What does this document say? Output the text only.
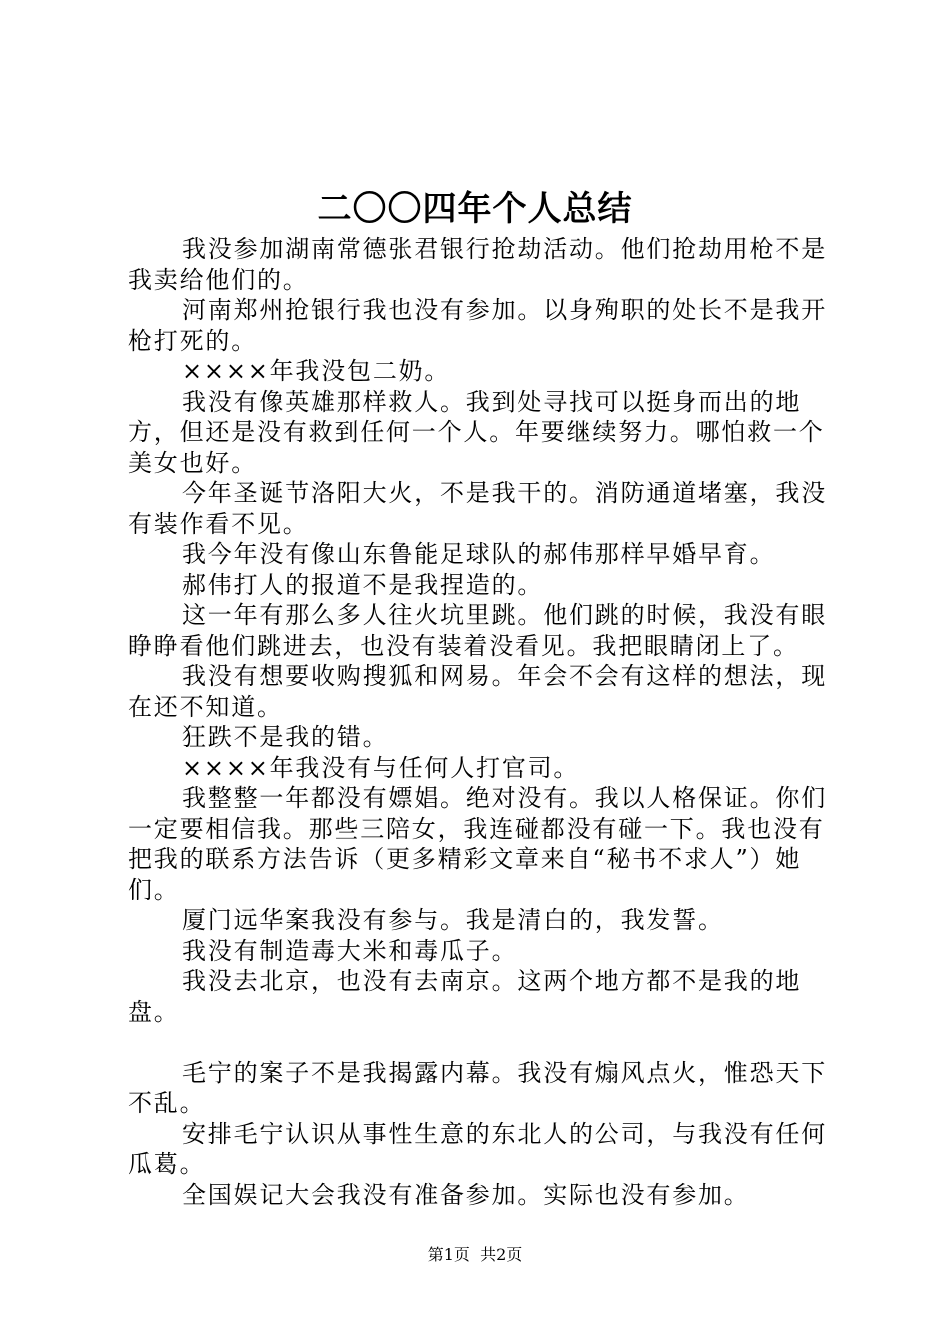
二〇〇四年个人总结

我没参加湖南常德张君银行抢劫活动。他们抢劫用枪不是我卖给他们的。

河南郑州抢银行我也没有参加。以身殉职的处长不是我开枪打死的。

××××年我没包二奶。

我没有像英雄那样救人。我到处寻找可以挺身而出的地方，但还是没有救到任何一个人。年要继续努力。哪怕救一个美女也好。

今年圣诞节洛阳大火，不是我干的。消防通道堵塞，我没有装作看不见。

我今年没有像山东鲁能足球队的郝伟那样早婚早育。

郝伟打人的报道不是我捏造的。

这一年有那么多人往火坑里跳。他们跳的时候，我没有眼睁睁看他们跳进去，也没有装着没看见。我把眼睛闭上了。

我没有想要收购搜狐和网易。年会不会有这样的想法，现在还不知道。

狂跌不是我的错。

××××年我没有与任何人打官司。

我整整一年都没有嫖娼。绝对没有。我以人格保证。你们一定要相信我。那些三陪女，我连碰都没有碰一下。我也没有把我的联系方法告诉（更多精彩文章来自“秘书不求人”）她们。

厦门远华案我没有参与。我是清白的，我发誓。

我没有制造毒大米和毒瓜子。

我没去北京，也没有去南京。这两个地方都不是我的地盘。

毛宁的案子不是我揭露内幕。我没有煽风点火，惟恐天下不乱。

安排毛宁认识从事性生意的东北人的公司，与我没有任何瓜葛。

全国娱记大会我没有准备参加。实际也没有参加。

第1页  共2页
